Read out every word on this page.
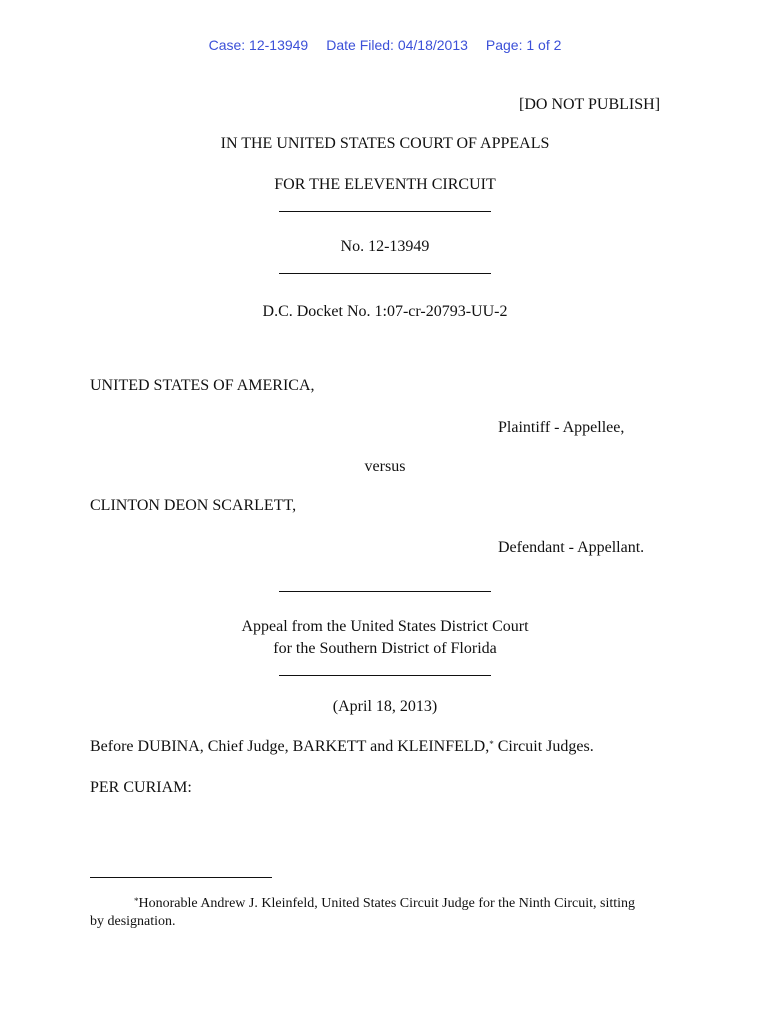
Case: 12-13949 Date Filed: 04/18/2013 Page: 1 of 2
[DO NOT PUBLISH]
IN THE UNITED STATES COURT OF APPEALS
FOR THE ELEVENTH CIRCUIT
No. 12-13949
D.C. Docket No. 1:07-cr-20793-UU-2
UNITED STATES OF AMERICA,
Plaintiff - Appellee,
versus
CLINTON DEON SCARLETT,
Defendant - Appellant.
Appeal from the United States District Court
for the Southern District of Florida
(April 18, 2013)
Before DUBINA, Chief Judge, BARKETT and KLEINFELD,* Circuit Judges.
PER CURIAM:
*Honorable Andrew J. Kleinfeld, United States Circuit Judge for the Ninth Circuit, sitting
by designation.
